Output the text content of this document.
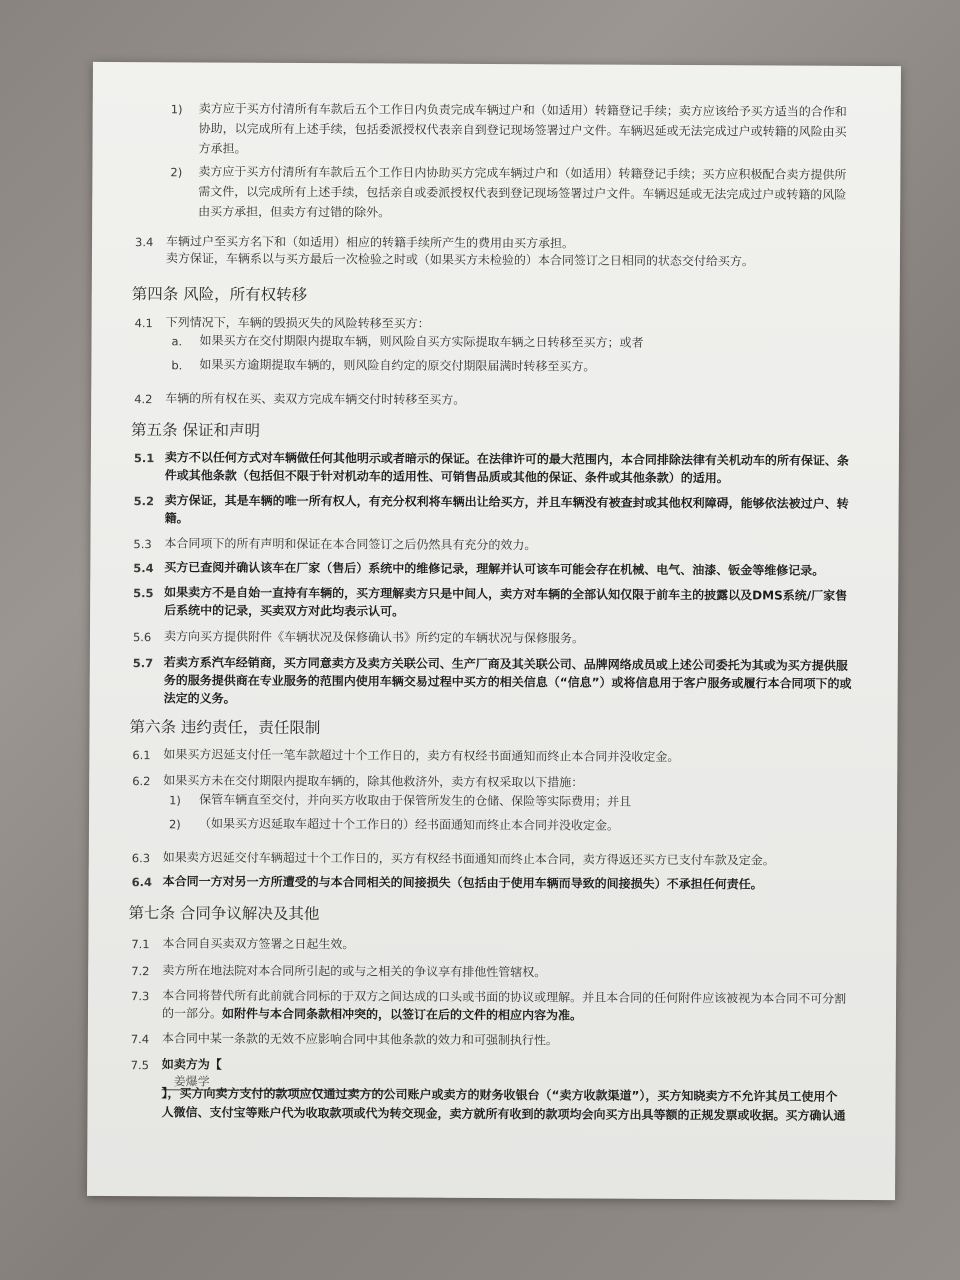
1) 卖方应于买方付清所有车款后五个工作日内负责完成车辆过户和（如适用）转籍登记手续；卖方应该给予买方适当的合作和
协助，以完成所有上述手续，包括委派授权代表亲自到登记现场签署过户文件。车辆迟延或无法完成过户或转籍的风险由买
方承担。
2) 卖方应于买方付清所有车款后五个工作日内协助买方完成车辆过户和（如适用）转籍登记手续；买方应积极配合卖方提供所
需文件，以完成所有上述手续，包括亲自或委派授权代表到登记现场签署过户文件。车辆迟延或无法完成过户或转籍的风险
由买方承担，但卖方有过错的除外。
3.4 车辆过户至买方名下和（如适用）相应的转籍手续所产生的费用由买方承担。
卖方保证，车辆系以与买方最后一次检验之时或（如果买方未检验的）本合同签订之日相同的状态交付给买方。
第四条 风险，所有权转移
4.1 下列情况下，车辆的毁损灭失的风险转移至买方：
a. 如果买方在交付期限内提取车辆，则风险自买方实际提取车辆之日转移至买方；或者
b. 如果买方逾期提取车辆的，则风险自约定的原交付期限届满时转移至买方。
4.2 车辆的所有权在买、卖双方完成车辆交付时转移至买方。
第五条 保证和声明
5.1 卖方不以任何方式对车辆做任何其他明示或者暗示的保证。在法律许可的最大范围内，本合同排除法律有关机动车的所有保证、条
件或其他条款（包括但不限于针对机动车的适用性、可销售品质或其他的保证、条件或其他条款）的适用。
5.2 卖方保证，其是车辆的唯一所有权人，有充分权利将车辆出让给买方，并且车辆没有被查封或其他权利障碍，能够依法被过户、转
籍。
5.3 本合同项下的所有声明和保证在本合同签订之后仍然具有充分的效力。
5.4 买方已查阅并确认该车在厂家（售后）系统中的维修记录，理解并认可该车可能会存在机械、电气、油漆、钣金等维修记录。
5.5 如果卖方不是自始一直持有车辆的，买方理解卖方只是中间人，卖方对车辆的全部认知仅限于前车主的披露以及DMS系统/厂家售
后系统中的记录，买卖双方对此均表示认可。
5.6 卖方向买方提供附件《车辆状况及保修确认书》所约定的车辆状况与保修服务。
5.7 若卖方系汽车经销商，买方同意卖方及卖方关联公司、生产厂商及其关联公司、品牌网络成员或上述公司委托为其或为买方提供服
务的服务提供商在专业服务的范围内使用车辆交易过程中买方的相关信息（“信息”）或将信息用于客户服务或履行本合同项下的或
法定的义务。
第六条 违约责任，责任限制
6.1 如果买方迟延支付任一笔车款超过十个工作日的，卖方有权经书面通知而终止本合同并没收定金。
6.2 如果买方未在交付期限内提取车辆的，除其他救济外，卖方有权采取以下措施：
1) 保管车辆直至交付，并向买方收取由于保管所发生的仓储、保险等实际费用；并且
2) （如果买方迟延取车超过十个工作日的）经书面通知而终止本合同并没收定金。
6.3 如果卖方迟延交付车辆超过十个工作日的，买方有权经书面通知而终止本合同，卖方得返还买方已支付车款及定金。
6.4 本合同一方对另一方所遭受的与本合同相关的间接损失（包括由于使用车辆而导致的间接损失）不承担任何责任。
第七条 合同争议解决及其他
7.1 本合同自买卖双方签署之日起生效。
7.2 卖方所在地法院对本合同所引起的或与之相关的争议享有排他性管辖权。
7.3 本合同将替代所有此前就合同标的于双方之间达成的口头或书面的协议或理解。并且本合同的任何附件应该被视为本合同不可分割
的一部分。 如附件与本合同条款相冲突的，以签订在后的文件的相应内容为准。
7.4 本合同中某一条款的无效不应影响合同中其他条款的效力和可强制执行性。
7.5 如卖方为【
姜爆学
】，买方向卖方支付的款项应仅通过卖方的公司账户或卖方的财务收银台（“卖方收款渠道”），买方知晓卖方不允许其员工使用个
人微信、支付宝等账户代为收取款项或代为转交现金，卖方就所有收到的款项均会向买方出具等额的正规发票或收据。买方确认通
